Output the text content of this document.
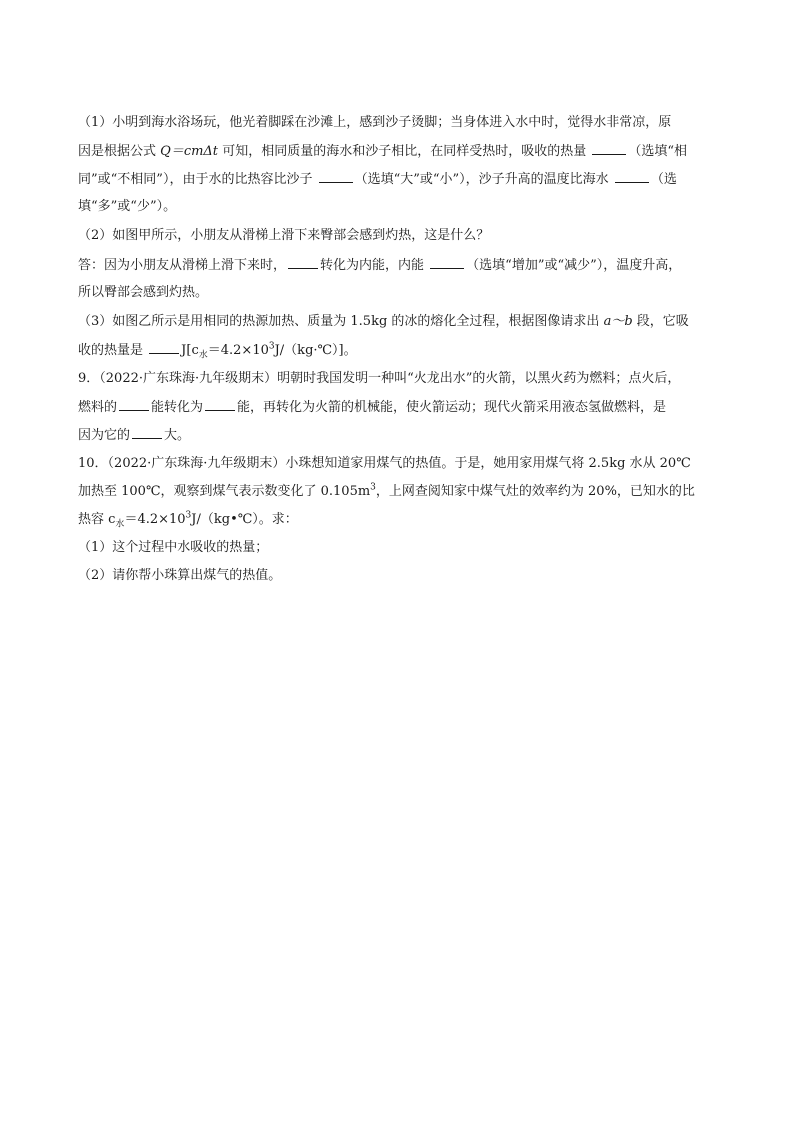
（1）小明到海水浴场玩，他光着脚踩在沙滩上，感到沙子烫脚；当身体进入水中时，觉得水非常凉，原

因是根据公式 Q＝cmΔt 可知，相同质量的海水和沙子相比，在同样受热时，吸收的热量	（选填“相

同”或“不相同”），由于水的比热容比沙子	（选填“大”或“小”），沙子升高的温度比海水	（选

填“多”或“少”）。

（2）如图甲所示，小朋友从滑梯上滑下来臀部会感到灼热，这是什么？

答：因为小朋友从滑梯上滑下来时，	转化为内能，内能	（选填“增加”或“减少”），温度升高，

所以臀部会感到灼热。

（3）如图乙所示是用相同的热源加热、质量为 1.5kg 的冰的熔化全过程，根据图像请求出 a～b 段，它吸

收的热量是	$J[c_水=4.2\times 10^3J/(kg\cdot℃)]$。

9．（2022·广东珠海·九年级期末）明朝时我国发明一种叫“火龙出水”的火箭，以黑火药为燃料；点火后，

燃料的	能转化为	能，再转化为火箭的机械能，使火箭运动；现代火箭采用液态氢做燃料，是

因为它的	大。

10．（2022·广东珠海·九年级期末）小珠想知道家用煤气的热值。于是，她用家用煤气将 2.5kg 水从 20℃

加热至 100℃，观察到煤气表示数变化了 $0.105m^3$，上网查阅知家中煤气灶的效率约为 20%，已知水的比

热容 $c_水=4.2\times 10^3J/(kg•℃)$。求：

（1）这个过程中水吸收的热量；

（2）请你帮小珠算出煤气的热值。
